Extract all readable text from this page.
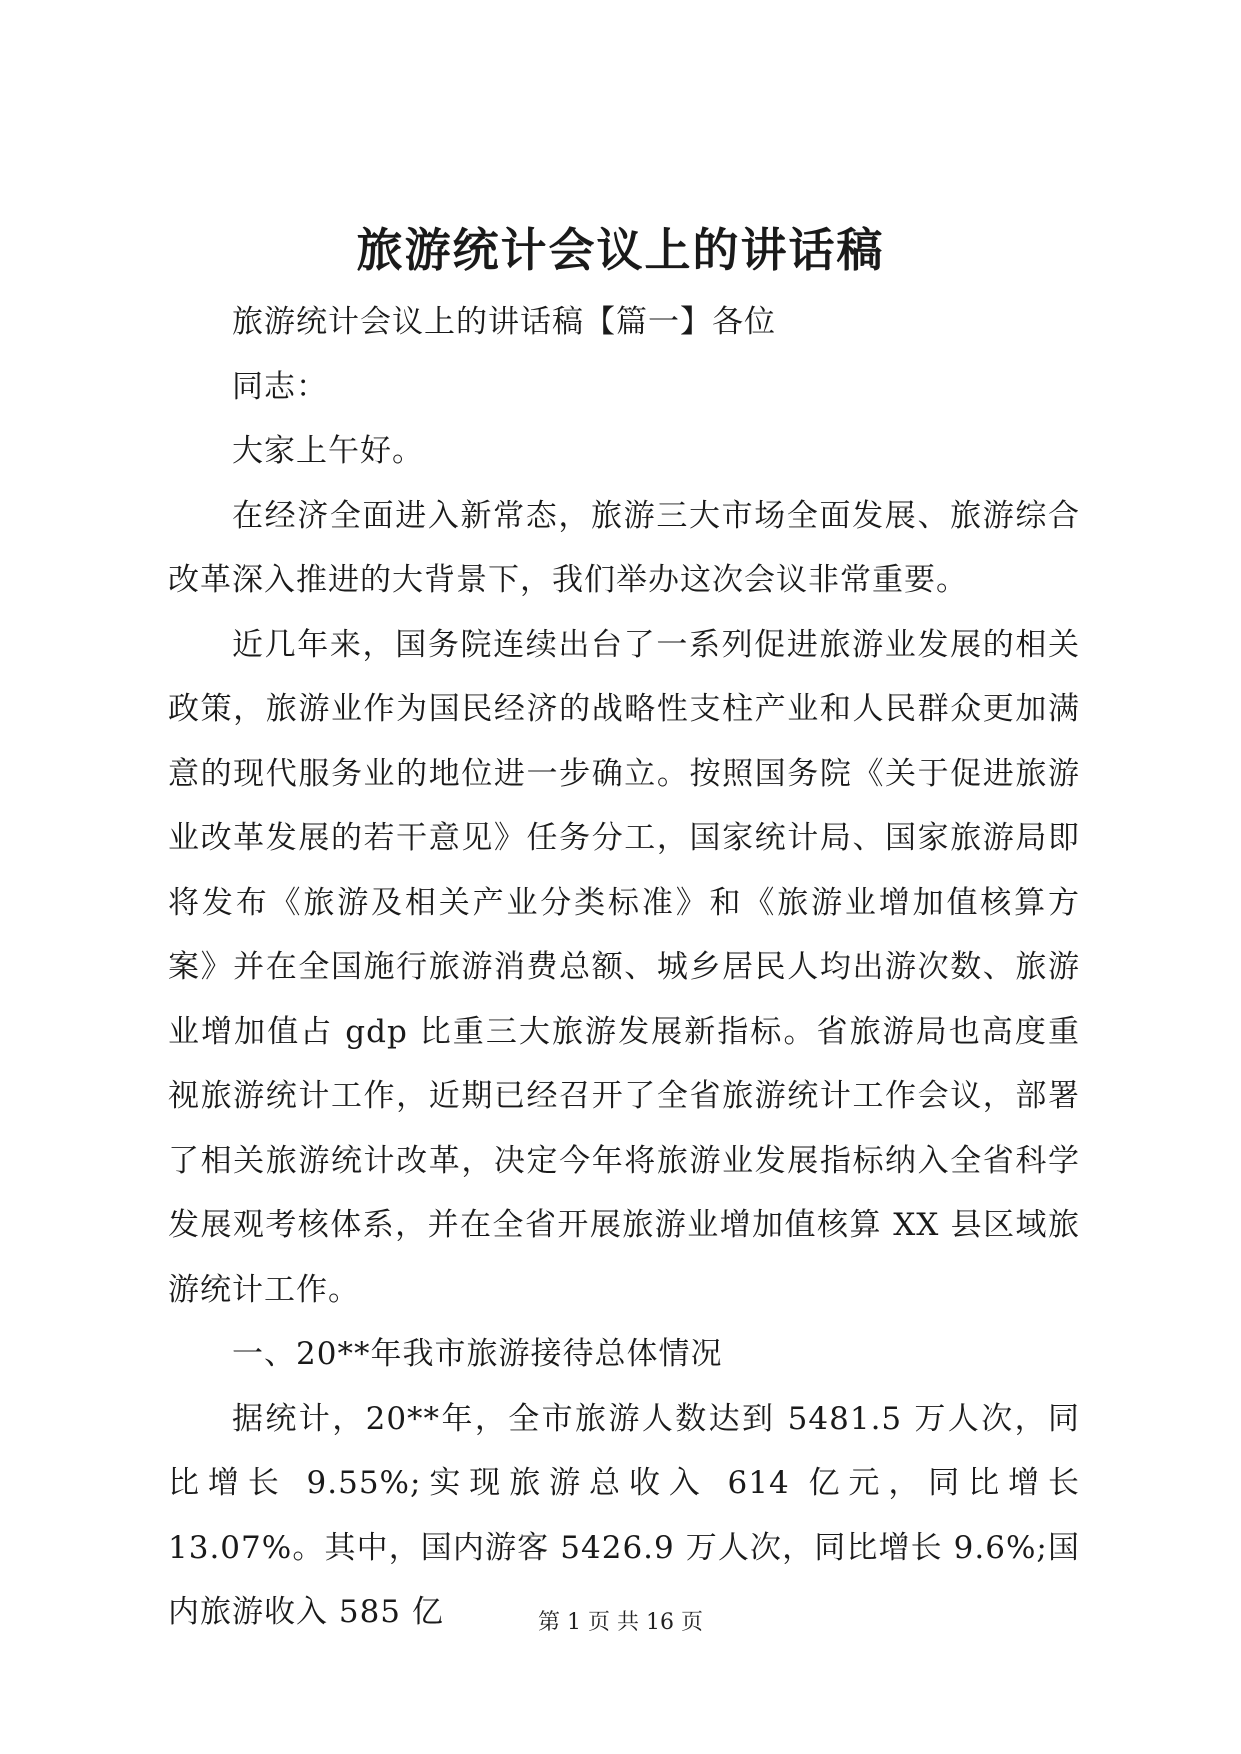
旅游统计会议上的讲话稿

旅游统计会议上的讲话稿【篇一】各位

同志：

大家上午好。

在经济全面进入新常态，旅游三大市场全面发展、旅游综合改革深入推进的大背景下，我们举办这次会议非常重要。

近几年来，国务院连续出台了一系列促进旅游业发展的相关政策，旅游业作为国民经济的战略性支柱产业和人民群众更加满意的现代服务业的地位进一步确立。按照国务院《关于促进旅游业改革发展的若干意见》任务分工，国家统计局、国家旅游局即将发布《旅游及相关产业分类标准》和《旅游业增加值核算方案》并在全国施行旅游消费总额、城乡居民人均出游次数、旅游业增加值占 gdp 比重三大旅游发展新指标。省旅游局也高度重视旅游统计工作，近期已经召开了全省旅游统计工作会议，部署了相关旅游统计改革，决定今年将旅游业发展指标纳入全省科学发展观考核体系，并在全省开展旅游业增加值核算 XX 县区域旅游统计工作。

一、20**年我市旅游接待总体情况

据统计，20**年，全市旅游人数达到 5481.5 万人次，同比增长 9.55%;实现旅游总收入 614 亿元，同比增长 13.07%。其中，国内游客 5426.9 万人次，同比增长 9.6%;国内旅游收入 585 亿	第 1 页 共 16 页
